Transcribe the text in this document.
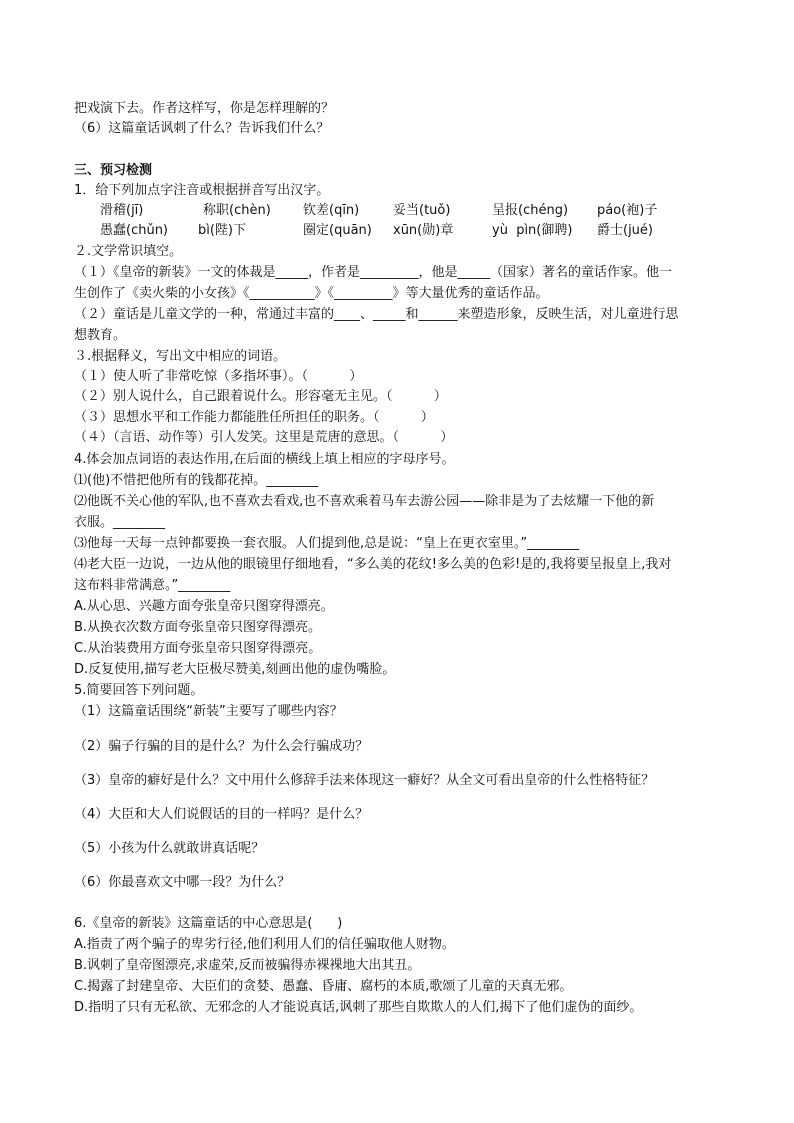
把戏演下去。作者这样写，你是怎样理解的？
（6）这篇童话讽刺了什么？告诉我们什么？
三、预习检测
1．给下列加点字注音或根据拼音写出汉字。
滑稽(jī)	称职(chèn) 钦差(qīn)	妥当(tuǒ)	呈报(chéng) páo(袍)子
愚蠢(chǔn) bì(陛)下	圈定(quān) xūn(勋)章	yù  pìn(御聘) 爵士(jué)
２.文学常识填空。
（１）《皇帝的新装》一文的体裁是_____，作者是_________，他是_____（国家）著名的童话作家。他一
生创作了《卖火柴的小女孩》《__________》《_________》等大量优秀的童话作品。
（２）童话是儿童文学的一种，常通过丰富的____、_____和______来塑造形象，反映生活，对儿童进行思
想教育。
３.根据释义，写出文中相应的词语。
（１）使人听了非常吃惊（多指坏事）。（          ）
（２）别人说什么，自己跟着说什么。形容毫无主见。（          ）
（３）思想水平和工作能力都能胜任所担任的职务。（          ）
（４）（言语、动作等）引人发笑。这里是荒唐的意思。（          ）
4.体会加点词语的表达作用,在后面的横线上填上相应的字母序号。
⑴(他)不惜把他所有的钱都花掉。________
⑵他既不关心他的军队,也不喜欢去看戏,也不喜欢乘着马车去游公园——除非是为了去炫耀一下他的新
衣服。________
⑶他每一天每一点钟都要换一套衣服。人们提到他,总是说：“皇上在更衣室里。”________
⑷老大臣一边说，一边从他的眼镜里仔细地看，“多么美的花纹!多么美的色彩!是的,我将要呈报皇上,我对
这布料非常满意。”________
A.从心思、兴趣方面夸张皇帝只图穿得漂亮。
B.从换衣次数方面夸张皇帝只图穿得漂亮。
C.从治装费用方面夸张皇帝只图穿得漂亮。
D.反复使用,描写老大臣极尽赞美,刻画出他的虚伪嘴脸。
5.简要回答下列问题。
（1）这篇童话围绕“新装”主要写了哪些内容？
（2）骗子行骗的目的是什么？为什么会行骗成功？
（3）皇帝的癖好是什么？文中用什么修辞手法来体现这一癖好？从全文可看出皇帝的什么性格特征？
（4）大臣和大人们说假话的目的一样吗？是什么？
（5）小孩为什么就敢讲真话呢？
（6）你最喜欢文中哪一段？为什么？
6.《皇帝的新装》这篇童话的中心意思是(      )
A.指责了两个骗子的卑劣行径,他们利用人们的信任骗取他人财物。
B.讽刺了皇帝图漂亮,求虚荣,反而被骗得赤裸裸地大出其丑。
C.揭露了封建皇帝、大臣们的贪婪、愚蠢、昏庸、腐朽的本质,歌颂了儿童的天真无邪。
D.指明了只有无私欲、无邪念的人才能说真话,讽刺了那些自欺欺人的人们,揭下了他们虚伪的面纱。
